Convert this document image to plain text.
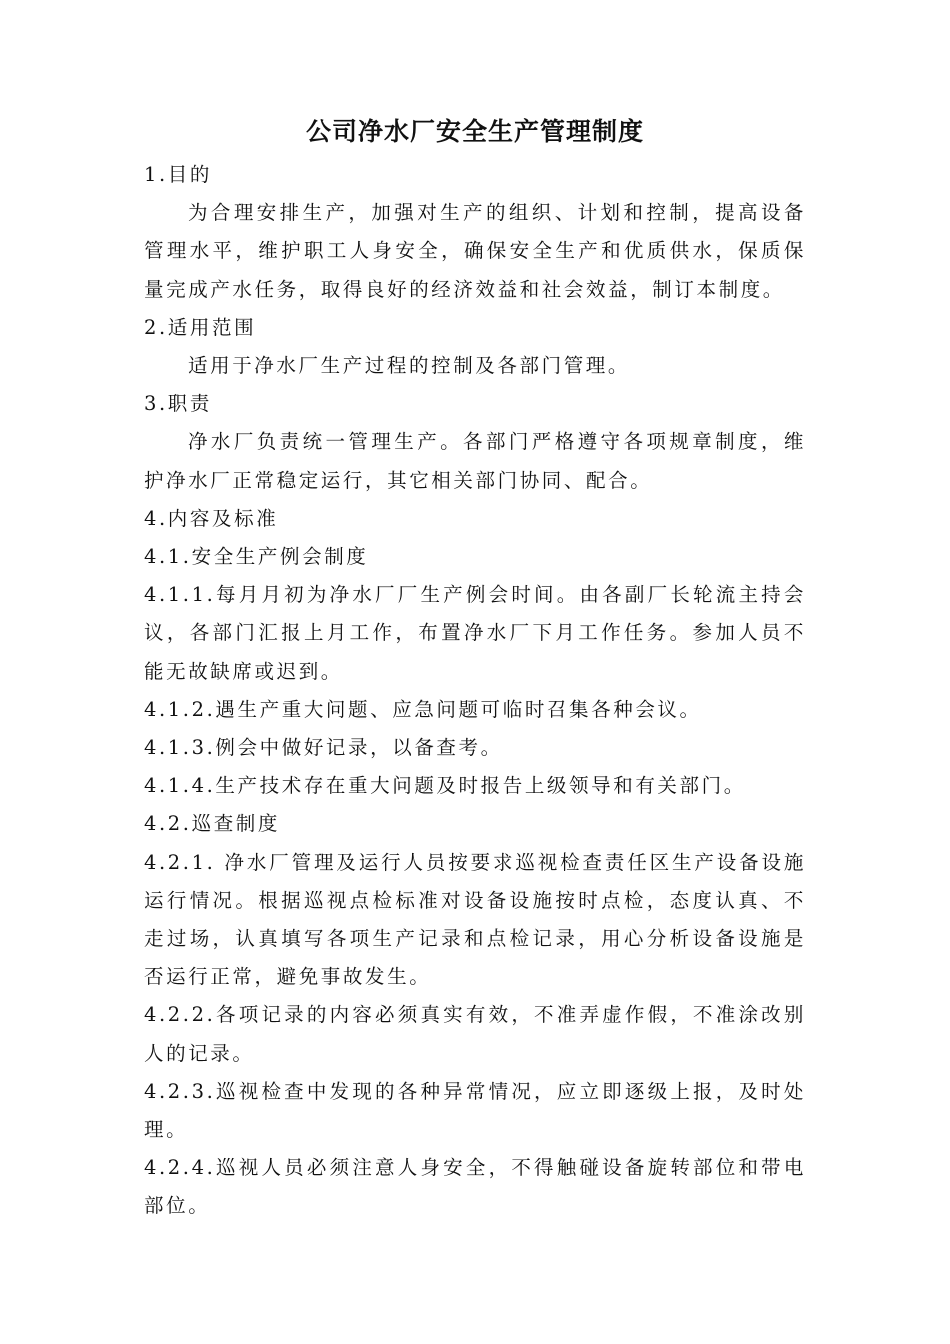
公司净水厂安全生产管理制度

1.目的

为合理安排生产，加强对生产的组织、计划和控制，提高设备管理水平，维护职工人身安全，确保安全生产和优质供水，保质保量完成产水任务，取得良好的经济效益和社会效益，制订本制度。

2.适用范围

适用于净水厂生产过程的控制及各部门管理。

3.职责

净水厂负责统一管理生产。各部门严格遵守各项规章制度，维护净水厂正常稳定运行，其它相关部门协同、配合。

4.内容及标准

4.1.安全生产例会制度

4.1.1.每月月初为净水厂厂生产例会时间。由各副厂长轮流主持会议，各部门汇报上月工作，布置净水厂下月工作任务。参加人员不能无故缺席或迟到。

4.1.2.遇生产重大问题、应急问题可临时召集各种会议。

4.1.3.例会中做好记录，以备查考。

4.1.4.生产技术存在重大问题及时报告上级领导和有关部门。

4.2.巡查制度

4.2.1. 净水厂管理及运行人员按要求巡视检查责任区生产设备设施运行情况。根据巡视点检标准对设备设施按时点检，态度认真、不走过场，认真填写各项生产记录和点检记录，用心分析设备设施是否运行正常，避免事故发生。

4.2.2.各项记录的内容必须真实有效，不准弄虚作假，不准涂改别人的记录。

4.2.3.巡视检查中发现的各种异常情况，应立即逐级上报，及时处理。

4.2.4.巡视人员必须注意人身安全，不得触碰设备旋转部位和带电部位。
